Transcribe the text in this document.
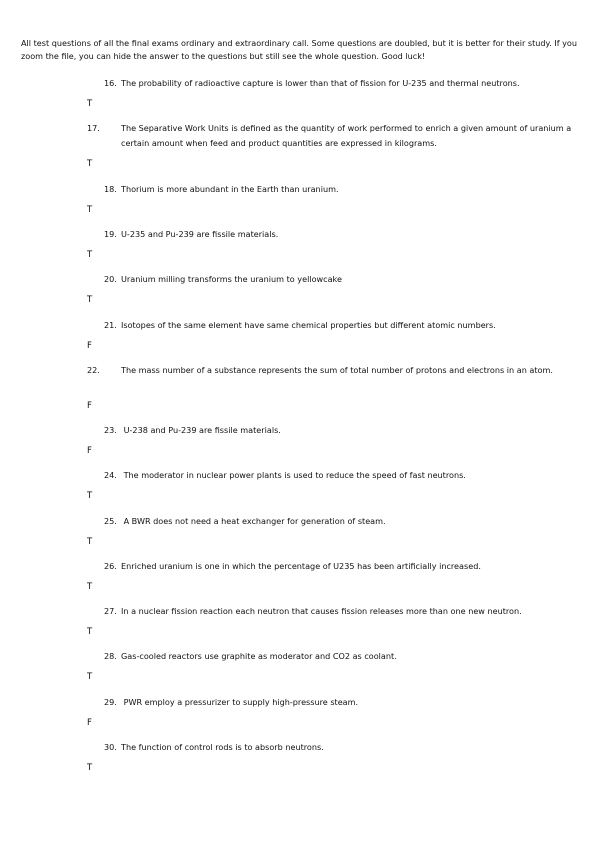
All test questions of all the final exams ordinary and extraordinary call. Some questions are doubled, but it is better for their study. If you zoom the file, you can hide the answer to the questions but still see the whole question. Good luck!
16. The probability of radioactive capture is lower than that of fission for U-235 and thermal neutrons.
T
17.	The Separative Work Units is defined as the quantity of work performed to enrich a given amount of uranium a certain amount when feed and product quantities are expressed in kilograms.
T
18. Thorium is more abundant in the Earth than uranium.
T
19. U-235 and Pu-239 are fissile materials.
T
20. Uranium milling transforms the uranium to yellowcake
T
21. Isotopes of the same element have same chemical properties but different atomic numbers.
F
22.	The mass number of a substance represents the sum of total number of protons and electrons in an atom.
F
23. U-238 and Pu-239 are fissile materials.
F
24. The moderator in nuclear power plants is used to reduce the speed of fast neutrons.
T
25. A BWR does not need a heat exchanger for generation of steam.
T
26. Enriched uranium is one in which the percentage of U235 has been artificially increased.
T
27. In a nuclear fission reaction each neutron that causes fission releases more than one new neutron.
T
28. Gas-cooled reactors use graphite as moderator and CO2 as coolant.
T
29. PWR employ a pressurizer to supply high-pressure steam.
F
30. The function of control rods is to absorb neutrons.
T
